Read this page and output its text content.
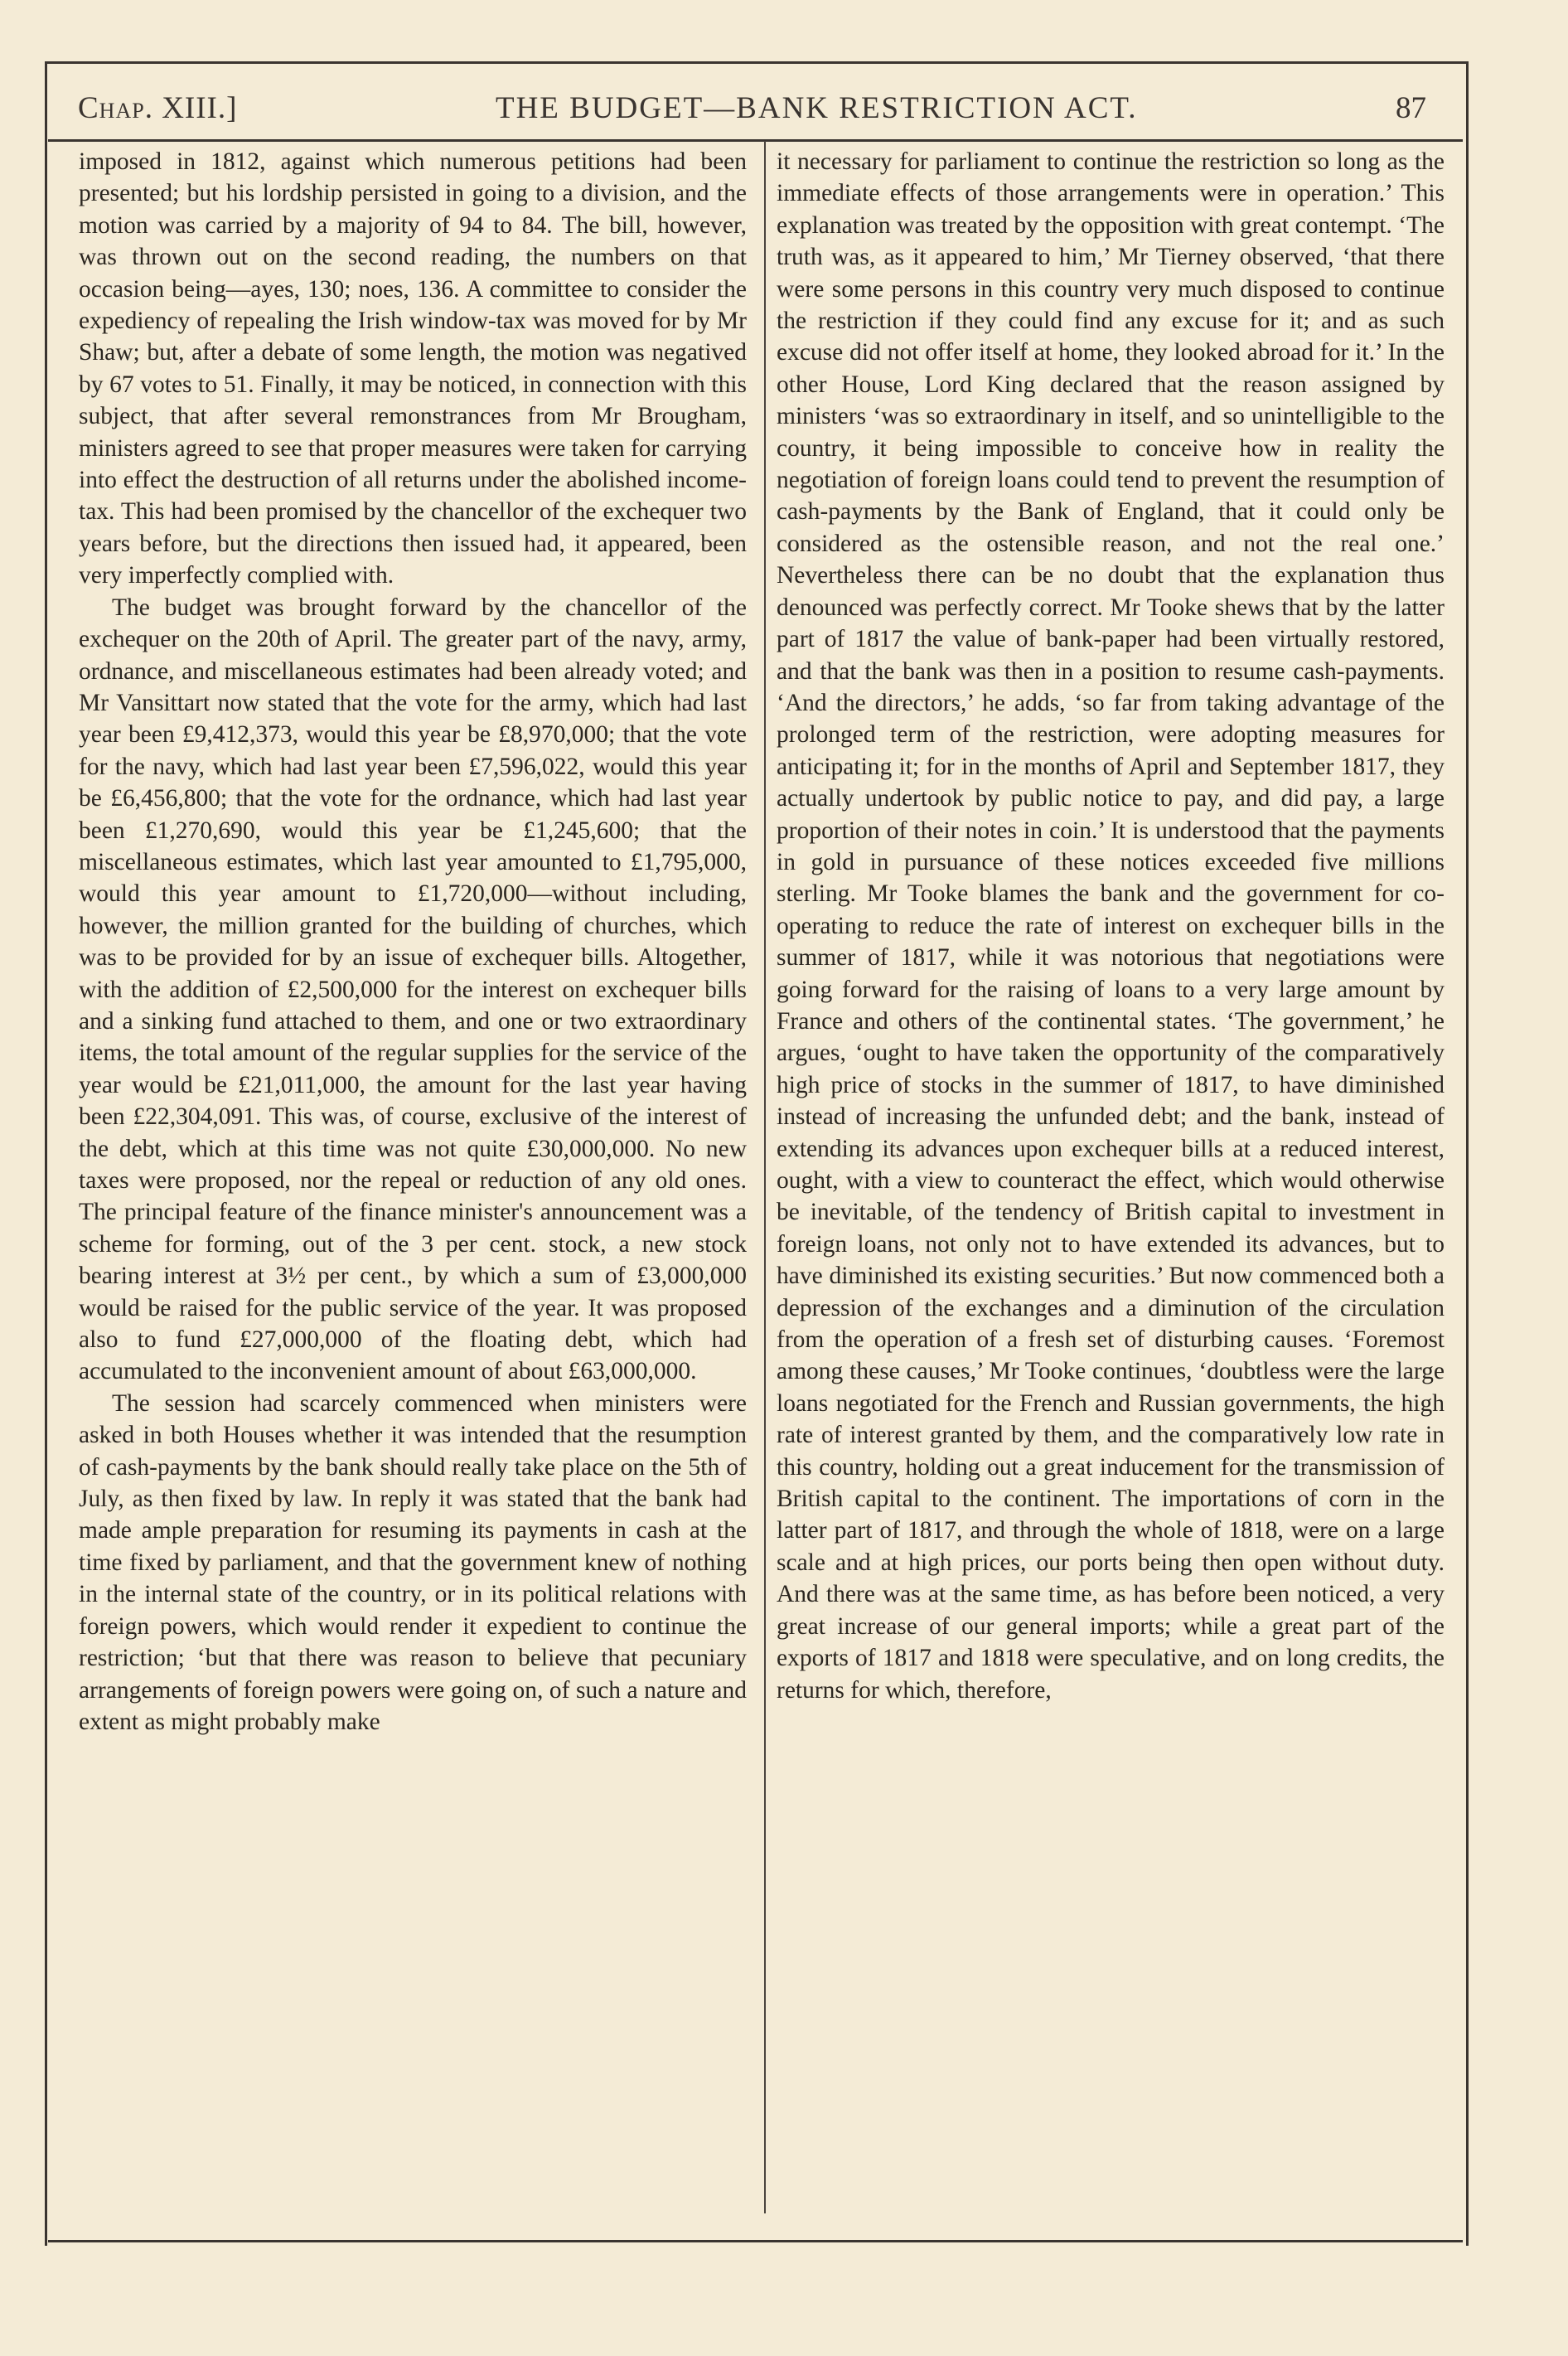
Chap. XIII.]	THE BUDGET—BANK RESTRICTION ACT.	87

imposed in 1812, against which numerous petitions had been presented; but his lordship persisted in going to a division, and the motion was carried by a majority of 94 to 84. The bill, however, was thrown out on the second reading, the numbers on that occasion being—ayes, 130; noes, 136. A committee to consider the expediency of repealing the Irish window-tax was moved for by Mr Shaw; but, after a debate of some length, the motion was negatived by 67 votes to 51. Finally, it may be noticed, in connection with this subject, that after several remonstrances from Mr Brougham, ministers agreed to see that proper measures were taken for carrying into effect the destruction of all returns under the abolished income-tax. This had been promised by the chancellor of the exchequer two years before, but the directions then issued had, it appeared, been very imperfectly complied with.

The budget was brought forward by the chancellor of the exchequer on the 20th of April. The greater part of the navy, army, ordnance, and miscellaneous estimates had been already voted; and Mr Vansittart now stated that the vote for the army, which had last year been £9,412,373, would this year be £8,970,000; that the vote for the navy, which had last year been £7,596,022, would this year be £6,456,800; that the vote for the ordnance, which had last year been £1,270,690, would this year be £1,245,600; that the miscellaneous estimates, which last year amounted to £1,795,000, would this year amount to £1,720,000—without including, however, the million granted for the building of churches, which was to be provided for by an issue of exchequer bills. Altogether, with the addition of £2,500,000 for the interest on exchequer bills and a sinking fund attached to them, and one or two extraordinary items, the total amount of the regular supplies for the service of the year would be £21,011,000, the amount for the last year having been £22,304,091. This was, of course, exclusive of the interest of the debt, which at this time was not quite £30,000,000. No new taxes were proposed, nor the repeal or reduction of any old ones. The principal feature of the finance minister's announcement was a scheme for forming, out of the 3 per cent. stock, a new stock bearing interest at 3½ per cent., by which a sum of £3,000,000 would be raised for the public service of the year. It was proposed also to fund £27,000,000 of the floating debt, which had accumulated to the inconvenient amount of about £63,000,000.

The session had scarcely commenced when ministers were asked in both Houses whether it was intended that the resumption of cash-payments by the bank should really take place on the 5th of July, as then fixed by law. In reply it was stated that the bank had made ample preparation for resuming its payments in cash at the time fixed by parliament, and that the government knew of nothing in the internal state of the country, or in its political relations with foreign powers, which would render it expedient to continue the restriction; ‘but that there was reason to believe that pecuniary arrangements of foreign powers were going on, of such a nature and extent as might probably make

it necessary for parliament to continue the restriction so long as the immediate effects of those arrangements were in operation.’ This explanation was treated by the opposition with great contempt. ‘The truth was, as it appeared to him,’ Mr Tierney observed, ‘that there were some persons in this country very much disposed to continue the restriction if they could find any excuse for it; and as such excuse did not offer itself at home, they looked abroad for it.’ In the other House, Lord King declared that the reason assigned by ministers ‘was so extraordinary in itself, and so unintelligible to the country, it being impossible to conceive how in reality the negotiation of foreign loans could tend to prevent the resumption of cash-payments by the Bank of England, that it could only be considered as the ostensible reason, and not the real one.’ Nevertheless there can be no doubt that the explanation thus denounced was perfectly correct. Mr Tooke shews that by the latter part of 1817 the value of bank-paper had been virtually restored, and that the bank was then in a position to resume cash-payments. ‘And the directors,’ he adds, ‘so far from taking advantage of the prolonged term of the restriction, were adopting measures for anticipating it; for in the months of April and September 1817, they actually undertook by public notice to pay, and did pay, a large proportion of their notes in coin.’ It is understood that the payments in gold in pursuance of these notices exceeded five millions sterling. Mr Tooke blames the bank and the government for co-operating to reduce the rate of interest on exchequer bills in the summer of 1817, while it was notorious that negotiations were going forward for the raising of loans to a very large amount by France and others of the continental states. ‘The government,’ he argues, ‘ought to have taken the opportunity of the comparatively high price of stocks in the summer of 1817, to have diminished instead of increasing the unfunded debt; and the bank, instead of extending its advances upon exchequer bills at a reduced interest, ought, with a view to counteract the effect, which would otherwise be inevitable, of the tendency of British capital to investment in foreign loans, not only not to have extended its advances, but to have diminished its existing securities.’ But now commenced both a depression of the exchanges and a diminution of the circulation from the operation of a fresh set of disturbing causes. ‘Foremost among these causes,’ Mr Tooke continues, ‘doubtless were the large loans negotiated for the French and Russian governments, the high rate of interest granted by them, and the comparatively low rate in this country, holding out a great inducement for the transmission of British capital to the continent. The importations of corn in the latter part of 1817, and through the whole of 1818, were on a large scale and at high prices, our ports being then open without duty. And there was at the same time, as has before been noticed, a very great increase of our general imports; while a great part of the exports of 1817 and 1818 were speculative, and on long credits, the returns for which, therefore,
